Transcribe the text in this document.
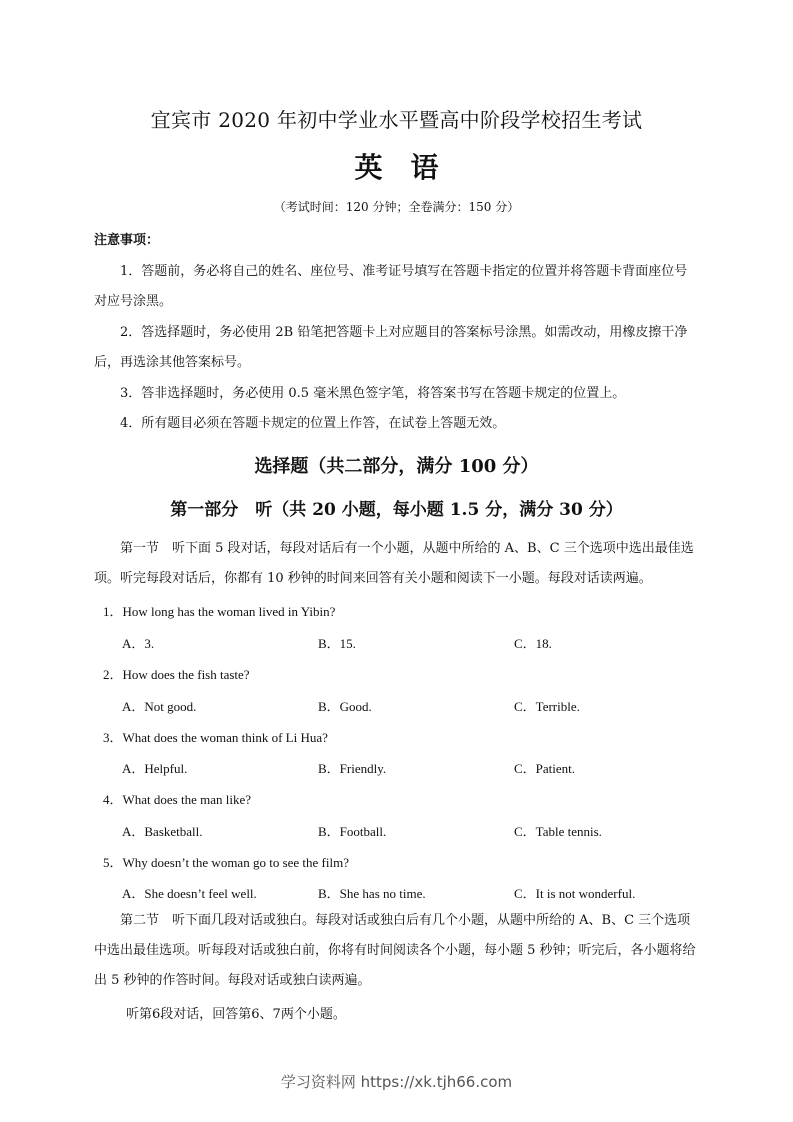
宜宾市 2020 年初中学业水平暨高中阶段学校招生考试
英语
（考试时间：120 分钟；全卷满分：150 分）
注意事项：
1．答题前，务必将自己的姓名、座位号、准考证号填写在答题卡指定的位置并将答题卡背面座位号对应号涂黑。
2．答选择题时，务必使用 2B 铅笔把答题卡上对应题目的答案标号涂黑。如需改动，用橡皮擦干净后，再选涂其他答案标号。
3．答非选择题时，务必使用 0.5 毫米黑色签字笔，将答案书写在答题卡规定的位置上。
4．所有题目必须在答题卡规定的位置上作答，在试卷上答题无效。
选择题（共二部分，满分 100 分）
第一部分　听（共 20 小题，每小题 1.5 分，满分 30 分）
第一节　听下面 5 段对话，每段对话后有一个小题，从题中所给的 A、B、C 三个选项中选出最佳选项。听完每段对话后，你都有 10 秒钟的时间来回答有关小题和阅读下一小题。每段对话读两遍。
1．How long has the woman lived in Yibin?
A．3.	B．15.	C．18.
2．How does the fish taste?
A．Not good.	B．Good.	C．Terrible.
3．What does the woman think of Li Hua?
A．Helpful.	B．Friendly.	C．Patient.
4．What does the man like?
A．Basketball.	B．Football.	C．Table tennis.
5．Why doesn’t the woman go to see the film?
A．She doesn’t feel well.	B．She has no time.	C．It is not wonderful.
第二节　听下面几段对话或独白。每段对话或独白后有几个小题，从题中所给的 A、B、C 三个选项中选出最佳选项。听每段对话或独白前，你将有时间阅读各个小题，每小题 5 秒钟；听完后，各小题将给出 5 秒钟的作答时间。每段对话或独白读两遍。
听第6段对话，回答第6、7两个小题。
学习资料网 https://xk.tjh66.com
